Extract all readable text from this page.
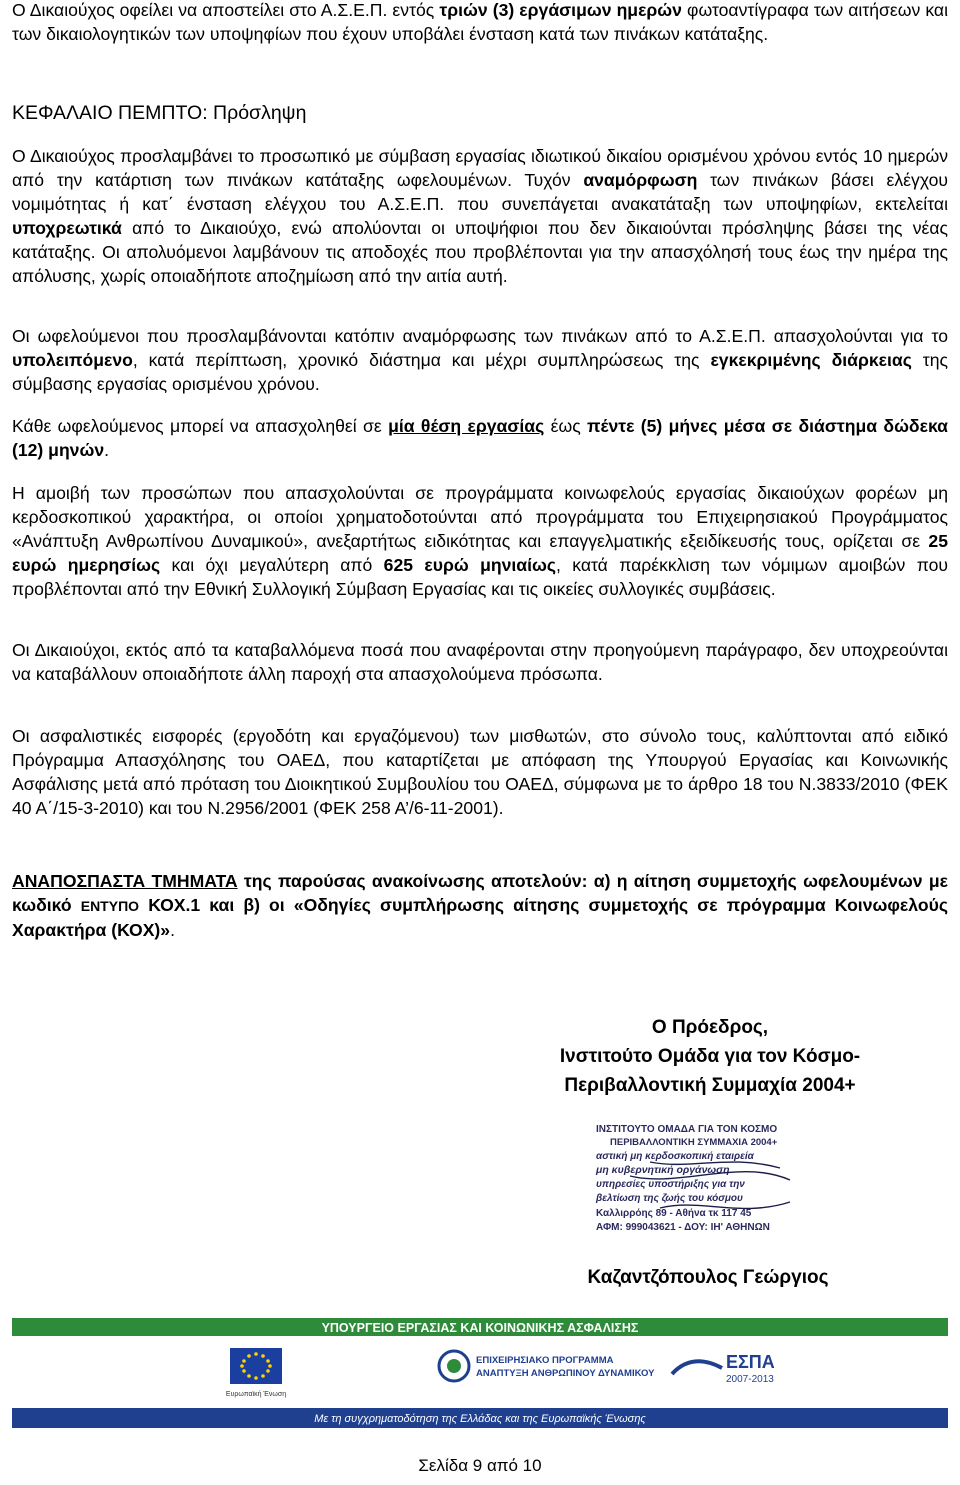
Ο Δικαιούχος οφείλει να αποστείλει στο Α.Σ.Ε.Π. εντός τριών (3) εργάσιμων ημερών φωτοαντίγραφα των αιτήσεων και των δικαιολογητικών των υποψηφίων που έχουν υποβάλει ένσταση κατά των πινάκων κατάταξης.

ΚΕΦΑΛΑΙΟ ΠΕΜΠΤΟ: Πρόσληψη

Ο Δικαιούχος προσλαμβάνει το προσωπικό με σύμβαση εργασίας ιδιωτικού δικαίου ορισμένου χρόνου εντός 10 ημερών από την κατάρτιση των πινάκων κατάταξης ωφελουμένων. Τυχόν αναμόρφωση των πινάκων βάσει ελέγχου νομιμότητας ή κατ΄ ένσταση ελέγχου του Α.Σ.Ε.Π. που συνεπάγεται ανακατάταξη των υποψηφίων, εκτελείται υποχρεωτικά από το Δικαιούχο, ενώ απολύονται οι υποψήφιοι που δεν δικαιούνται πρόσληψης βάσει της νέας κατάταξης. Οι απολυόμενοι λαμβάνουν τις αποδοχές που προβλέπονται για την απασχόλησή τους έως την ημέρα της απόλυσης, χωρίς οποιαδήποτε αποζημίωση από την αιτία αυτή.

Οι ωφελούμενοι που προσλαμβάνονται κατόπιν αναμόρφωσης των πινάκων από το Α.Σ.Ε.Π. απασχολούνται για το υπολειπόμενο, κατά περίπτωση, χρονικό διάστημα και μέχρι συμπληρώσεως της εγκεκριμένης διάρκειας της σύμβασης εργασίας ορισμένου χρόνου.

Κάθε ωφελούμενος μπορεί να απασχοληθεί σε μία θέση εργασίας έως πέντε (5) μήνες μέσα σε διάστημα δώδεκα (12) μηνών.

Η αμοιβή των προσώπων που απασχολούνται σε προγράμματα κοινωφελούς εργασίας δικαιούχων φορέων μη κερδοσκοπικού χαρακτήρα, οι οποίοι χρηματοδοτούνται από προγράμματα του Επιχειρησιακού Προγράμματος «Ανάπτυξη Ανθρωπίνου Δυναμικού», ανεξαρτήτως ειδικότητας και επαγγελματικής εξειδίκευσής τους, ορίζεται σε 25 ευρώ ημερησίως και όχι μεγαλύτερη από 625 ευρώ μηνιαίως, κατά παρέκκλιση των νόμιμων αμοιβών που προβλέπονται από την Εθνική Συλλογική Σύμβαση Εργασίας και τις οικείες συλλογικές συμβάσεις.

Οι Δικαιούχοι, εκτός από τα καταβαλλόμενα ποσά που αναφέρονται στην προηγούμενη παράγραφο, δεν υποχρεούνται να καταβάλλουν οποιαδήποτε άλλη παροχή στα απασχολούμενα πρόσωπα.

Οι ασφαλιστικές εισφορές (εργοδότη και εργαζόμενου) των μισθωτών, στο σύνολο τους, καλύπτονται από ειδικό Πρόγραμμα Απασχόλησης του ΟΑΕΔ, που καταρτίζεται με απόφαση της Υπουργού Εργασίας και Κοινωνικής Ασφάλισης μετά από πρόταση του Διοικητικού Συμβουλίου του ΟΑΕΔ, σύμφωνα με το άρθρο 18 του Ν.3833/2010 (ΦΕΚ 40 Α΄/15-3-2010) και του Ν.2956/2001 (ΦΕΚ 258 Α’/6-11-2001).

ΑΝΑΠΟΣΠΑΣΤΑ ΤΜΗΜΑΤΑ της παρούσας ανακοίνωσης αποτελούν: α) η αίτηση συμμετοχής ωφελουμένων με κωδικό ΕΝΤΥΠΟ ΚΟΧ.1 και β) οι «Οδηγίες συμπλήρωσης αίτησης συμμετοχής σε πρόγραμμα Κοινωφελούς Χαρακτήρα (ΚΟΧ)».

Ο Πρόεδρος,
Ινστιτούτο Ομάδα για τον Κόσμο-
Περιβαλλοντική Συμμαχία 2004+
ΙΝΣΤΙΤΟΥΤΟ ΟΜΑΔΑ ΓΙΑ ΤΟΝ ΚΟΣΜΟ
ΠΕΡΙΒΑΛΛΟΝΤΙΚΗ ΣΥΜΜΑΧΙΑ 2004+
αστική μη κερδοσκοπική εταιρεία
μη κυβερνητική οργάνωση
υπηρεσίες υποστήριξης για την
βελτίωση της ζωής του κόσμου
Καλλιρρόης 89 - Αθήνα τκ 117 45
ΑΦΜ: 999043621 - ΔΟΥ: ΙΗ' ΑΘΗΝΩΝ
Καζαντζόπουλος Γεώργιος
ΥΠΟΥΡΓΕΙΟ ΕΡΓΑΣΙΑΣ ΚΑΙ ΚΟΙΝΩΝΙΚΗΣ ΑΣΦΑΛΙΣΗΣ
Ευρωπαϊκή Ένωση
ΕΠΙΧΕΙΡΗΣΙΑΚΟ ΠΡΟΓΡΑΜΜΑ
ΑΝΑΠΤΥΞΗ ΑΝΘΡΩΠΙΝΟΥ ΔΥΝΑΜΙΚΟΥ
ΕΣΠΑ
2007-2013
Με τη συγχρηματοδότηση της Ελλάδας και της Ευρωπαϊκής Ένωσης
Σελίδα 9 από 10
